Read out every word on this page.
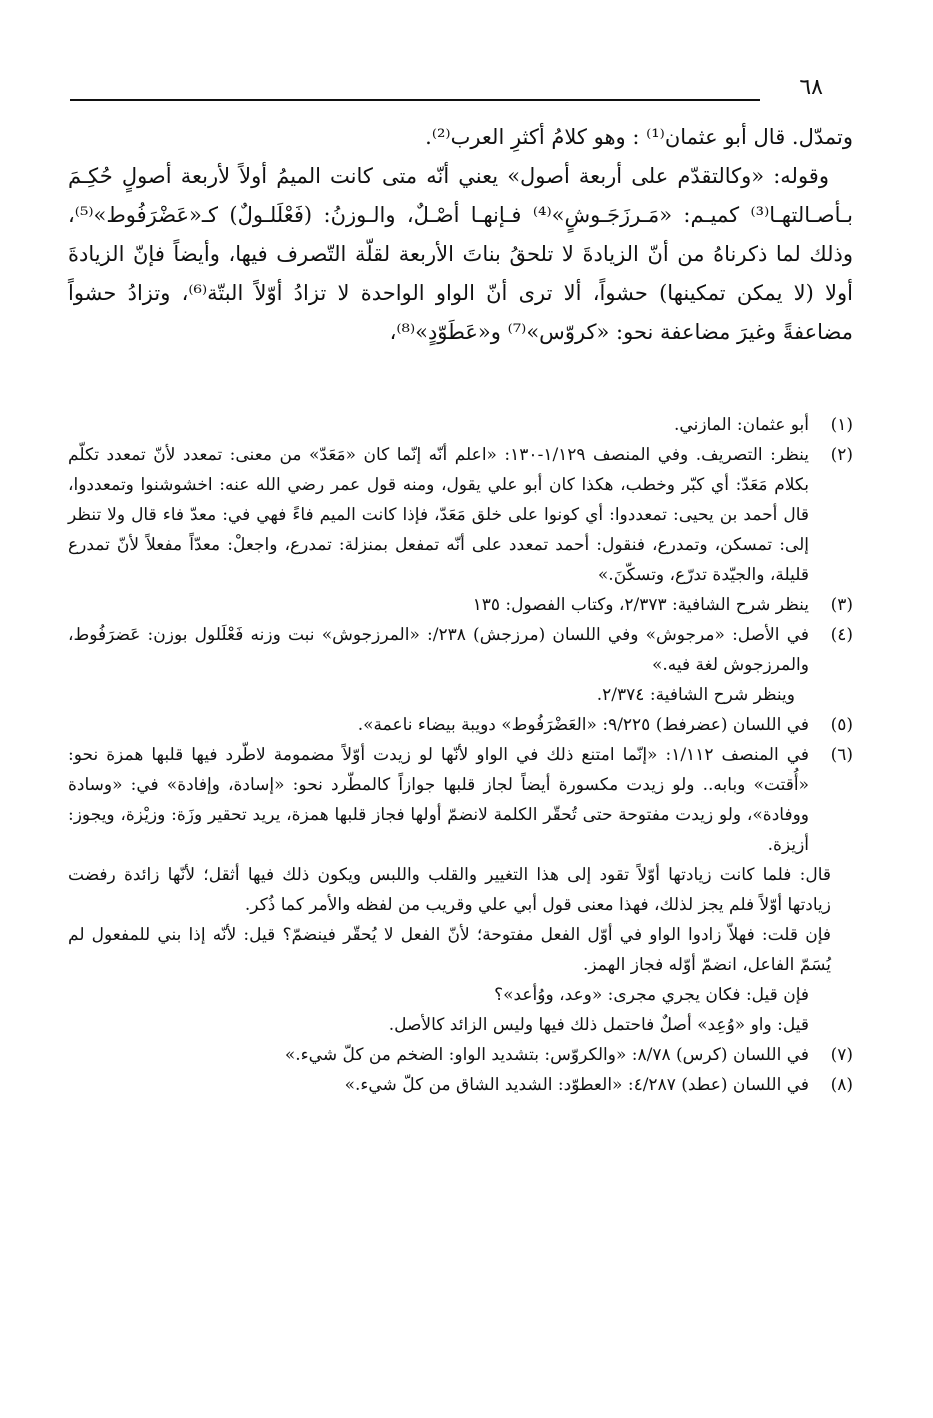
٦٨

وتمدّل. قال أبو عثمان⁽¹⁾ : وهو كلامُ أكثرِ العرب⁽²⁾.

وقوله: «وكالتقدّم على أربعة أصول» يعني أنّه متى كانت الميمُ أولاً لأربعة أصولٍ حُكِـمَ بـأصـالتهـا⁽³⁾ كميـم: «مَـرزَجَـوشٍ»⁽⁴⁾ فـإنهـا أصْـلٌ، والـوزنُ: (فَعْلَلـولٌ) كـ«عَضْرَفُوط»⁽⁵⁾، وذلك لما ذكرناهُ من أنّ الزيادةَ لا تلحقُ بناتَ الأربعة لقلّة التّصرف فيها، وأيضاً فإنّ الزيادةَ أولا (لا يمكن تمكينها) حشواً، ألا ترى أنّ الواو الواحدة لا تزادُ أوّلاً البتّة⁽⁶⁾، وتزادُ حشواً مضاعفةً وغيرَ مضاعفة نحو: «كروّس»⁽⁷⁾ و«عَطَوّدٍ»⁽⁸⁾،

(١)

أبو عثمان: المازني.

(٢)

ينظر: التصريف. وفي المنصف ١/١٢٩-١٣٠: «اعلم أنّه إنّما كان «مَعَدّ» من معنى: تمعدد لأنّ تمعدد تكلّم بكلام مَعَدّ: أي كبّر وخطب، هكذا كان أبو علي يقول، ومنه قول عمر رضي الله عنه: اخشوشنوا وتمعددوا، قال أحمد بن يحيى: تمعددوا: أي كونوا على خلق مَعَدّ، فإذا كانت الميم فاءً فهي في: معدّ فاء قال ولا تنظر إلى: تمسكن، وتمدرع، فنقول: أحمد تمعدد على أنّه تمفعل بمنزلة: تمدرع، واجعلْ: معدّاً مفعلاً لأنّ تمدرع قليلة، والجيّدة تدرّع، وتسكّنَ.»

(٣)

ينظر شرح الشافية: ٢/٣٧٣، وكتاب الفصول: ١٣٥

(٤)

في الأصل: «مرجوش» وفي اللسان (مرزجش) ٢٣٨/: «المرزجوش» نبت وزنه فَعْلَلول بوزن: عَضرَفُوط، والمرزجوش لغة فيه.»

وينظر شرح الشافية: ٢/٣٧٤.

(٥)

في اللسان (عضرفط) ٩/٢٢٥: «العَضْرَفُوط» دويبة بيضاء ناعمة».

(٦)

في المنصف ١/١١٢: «إنّما امتنع ذلك في الواو لأنّها لو زيدت أوّلاً مضمومة لاطّرد فيها قلبها همزة نحو: «أُقتت» وبابه.. ولو زيدت مكسورة أيضاً لجاز قلبها جوازاً كالمطّرد نحو: «إسادة، وإفادة» في: «وسادة ووفادة»، ولو زيدت مفتوحة حتى تُحقّر الكلمة لانضمّ أولها فجاز قلبها همزة، يريد تحقير وزَة: وزيْزة، ويجوز: أزيزة.

قال: فلما كانت زيادتها أوّلاً تقود إلى هذا التغيير والقلب واللبس ويكون ذلك فيها أثقل؛ لأنّها زائدة رفضت زيادتها أوّلاً فلم يجز لذلك، فهذا معنى قول أبي علي وقريب من لفظه والأمر كما ذُكر.

فإن قلت: فهلاّ زادوا الواو في أوّل الفعل مفتوحة؛ لأنّ الفعل لا يُحقّر فينضمّ؟ قيل: لأنّه إذا بني للمفعول لم يُسَمّ الفاعل، انضمّ أوّله فجاز الهمز.

فإن قيل: فكان يجري مجرى: «وعد، ووُأعد»؟

قيل: واو «وُعِد» أصلٌ فاحتمل ذلك فيها وليس الزائد كالأصل.

(٧)

في اللسان (كرس) ٨/٧٨: «والكروّس: بتشديد الواو: الضخم من كلّ شيء.»

(٨)

في اللسان (عطد) ٤/٢٨٧: «العطوّد: الشديد الشاق من كلّ شيء.»
